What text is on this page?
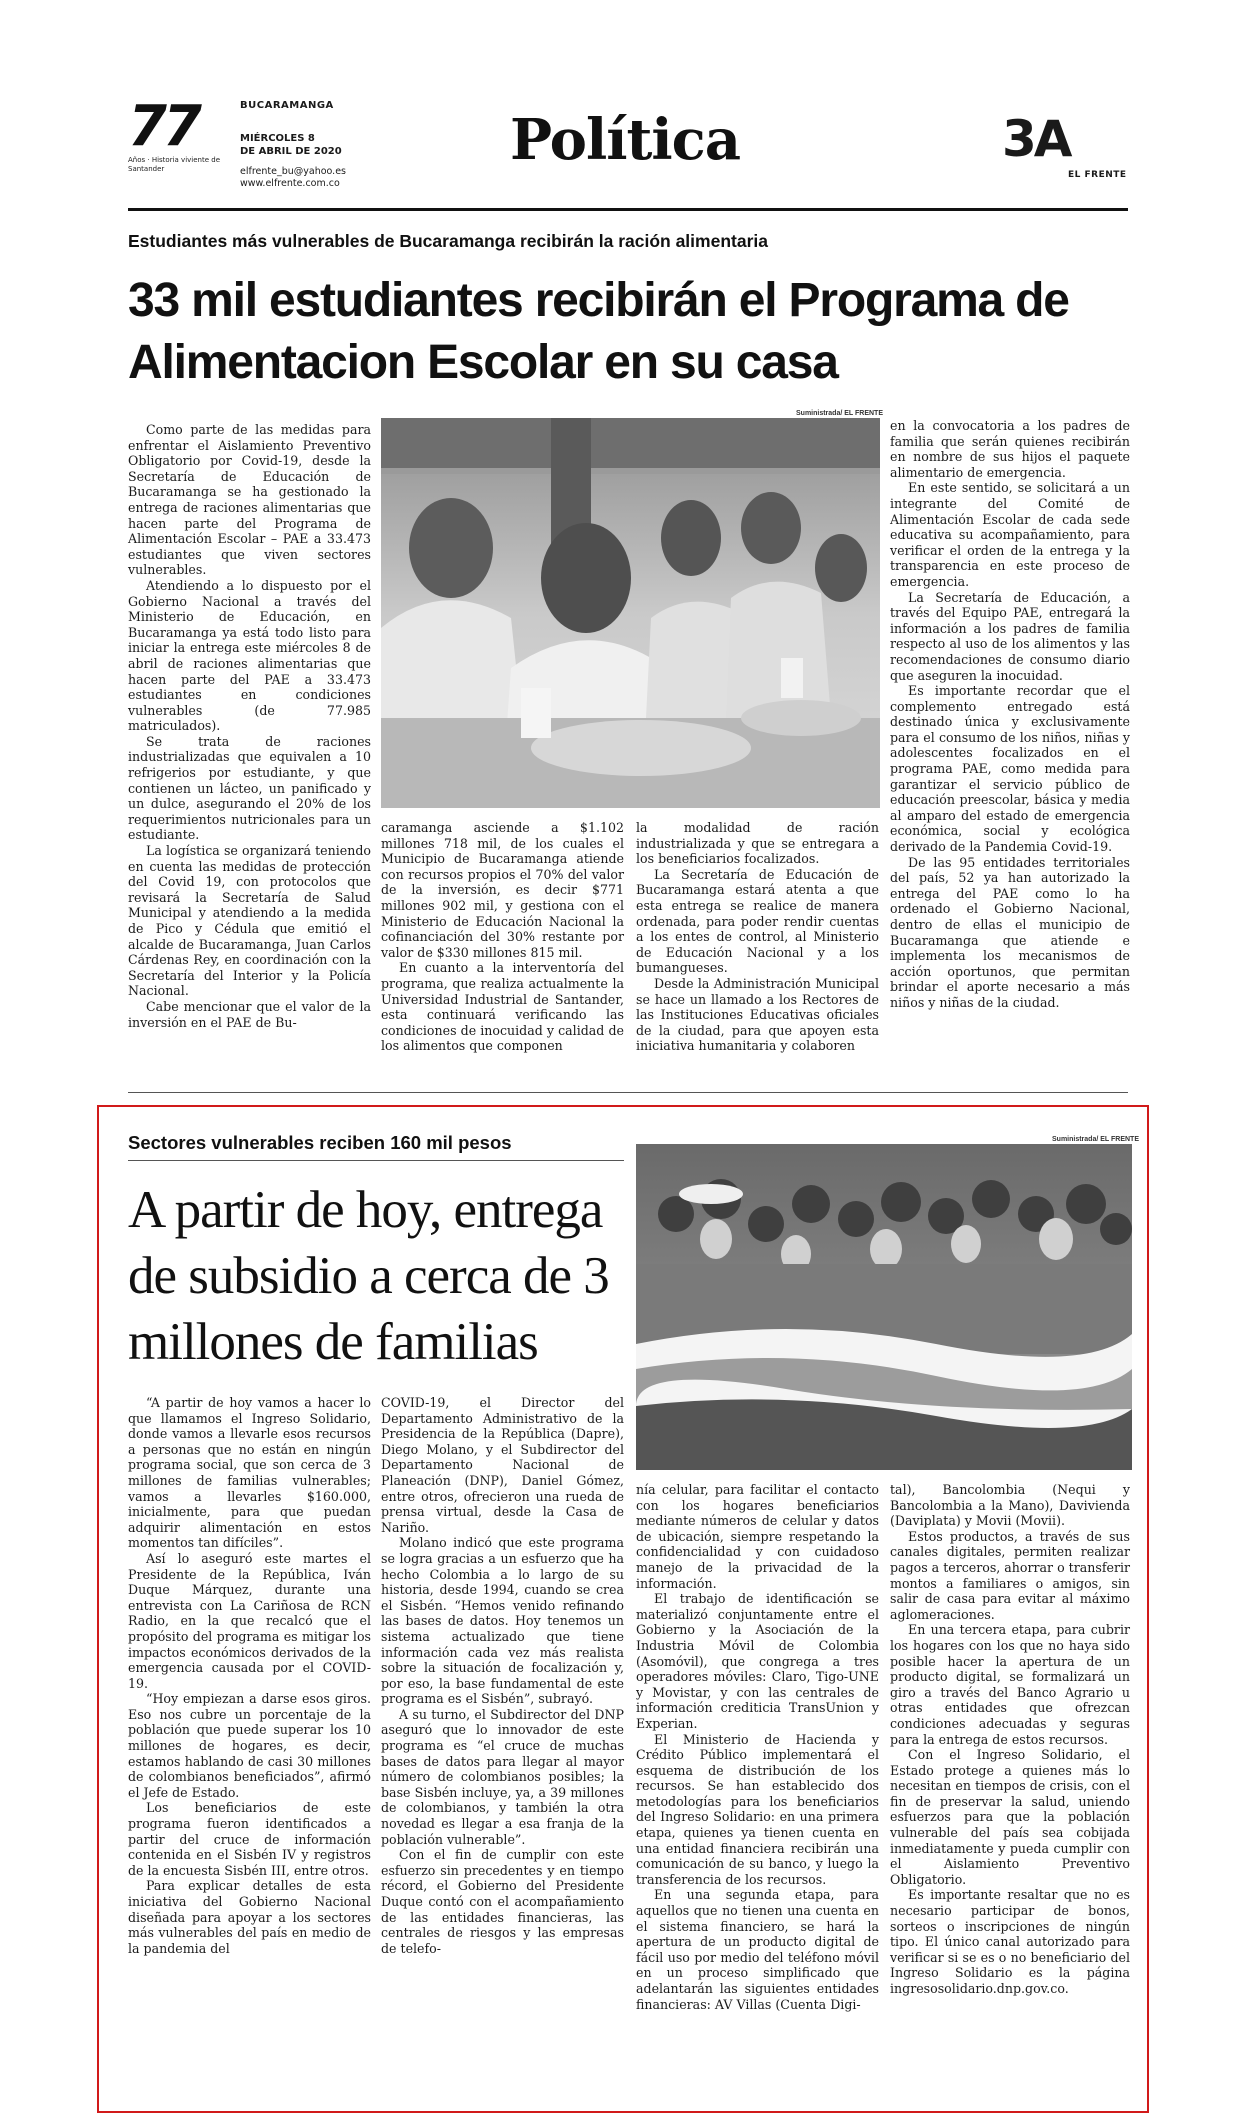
77
Años · Historia viviente de Santander
BUCARAMANGA
MIÉRCOLES 8
DE ABRIL DE 2020
elfrente_bu@yahoo.es
www.elfrente.com.co
Política	3A
EL FRENTE
Estudiantes más vulnerables de Bucaramanga recibirán la ración alimentaria
33 mil estudiantes recibirán el Programa de Alimentacion Escolar en su casa
Suministrada/ EL FRENTE

Como parte de las medidas para enfrentar el Aislamiento Preventivo Obligatorio por Covid-19, desde la Secretaría de Educación de Bucaramanga se ha gestionado la entrega de raciones alimentarias que hacen parte del Programa de Alimentación Escolar – PAE a 33.473 estudiantes que viven sectores vulnerables.

Atendiendo a lo dispuesto por el Gobierno Nacional a través del Ministerio de Educación, en Bucaramanga ya está todo listo para iniciar la entrega este miércoles 8 de abril de raciones alimentarias que hacen parte del PAE a 33.473 estudiantes en condiciones vulnerables (de 77.985 matriculados).

Se trata de raciones industrializadas que equivalen a 10 refrigerios por estudiante, y que contienen un lácteo, un panificado y un dulce, asegurando el 20% de los requerimientos nutricionales para un estudiante.

La logística se organizará teniendo en cuenta las medidas de protección del Covid 19, con protocolos que revisará la Secretaría de Salud Municipal y atendiendo a la medida de Pico y Cédula que emitió el alcalde de Bucaramanga, Juan Carlos Cárdenas Rey, en coordinación con la Secretaría del Interior y la Policía Nacional.

Cabe mencionar que el valor de la inversión en el PAE de Bu-

caramanga asciende a $1.102 millones 718 mil, de los cuales el Municipio de Bucaramanga atiende con recursos propios el 70% del valor de la inversión, es decir $771 millones 902 mil, y gestiona con el Ministerio de Educación Nacional la cofinanciación del 30% restante por valor de $330 millones 815 mil.

En cuanto a la interventoría del programa, que realiza actualmente la Universidad Industrial de Santander, esta continuará verificando las condiciones de inocuidad y calidad de los alimentos que componen

la modalidad de ración industrializada y que se entregara a los beneficiarios focalizados.

La Secretaría de Educación de Bucaramanga estará atenta a que esta entrega se realice de manera ordenada, para poder rendir cuentas a los entes de control, al Ministerio de Educación Nacional y a los bumangueses.

Desde la Administración Municipal se hace un llamado a los Rectores de las Instituciones Educativas oficiales de la ciudad, para que apoyen esta iniciativa humanitaria y colaboren

en la convocatoria a los padres de familia que serán quienes recibirán en nombre de sus hijos el paquete alimentario de emergencia.

En este sentido, se solicitará a un integrante del Comité de Alimentación Escolar de cada sede educativa su acompañamiento, para verificar el orden de la entrega y la transparencia en este proceso de emergencia.

La Secretaría de Educación, a través del Equipo PAE, entregará la información a los padres de familia respecto al uso de los alimentos y las recomendaciones de consumo diario que aseguren la inocuidad.

Es importante recordar que el complemento entregado está destinado única y exclusivamente para el consumo de los niños, niñas y adolescentes focalizados en el programa PAE, como medida para garantizar el servicio público de educación preescolar, básica y media al amparo del estado de emergencia económica, social y ecológica derivado de la Pandemia Covid-19.

De las 95 entidades territoriales del país, 52 ya han autorizado la entrega del PAE como lo ha ordenado el Gobierno Nacional, dentro de ellas el municipio de Bucaramanga que atiende e implementa los mecanismos de acción oportunos, que permitan brindar el aporte necesario a más niños y niñas de la ciudad.

Sectores vulnerables reciben 160 mil pesos
A partir de hoy, entrega de subsidio a cerca de 3 millones de familias
Suministrada/ EL FRENTE

“A partir de hoy vamos a hacer lo que llamamos el Ingreso Solidario, donde vamos a llevarle esos recursos a personas que no están en ningún programa social, que son cerca de 3 millones de familias vulnerables; vamos a llevarles $160.000, inicialmente, para que puedan adquirir alimentación en estos momentos tan difíciles”.

Así lo aseguró este martes el Presidente de la República, Iván Duque Márquez, durante una entrevista con La Cariñosa de RCN Radio, en la que recalcó que el propósito del programa es mitigar los impactos económicos derivados de la emergencia causada por el COVID-19.

“Hoy empiezan a darse esos giros. Eso nos cubre un porcentaje de la población que puede superar los 10 millones de hogares, es decir, estamos hablando de casi 30 millones de colombianos beneficiados”, afirmó el Jefe de Estado.

Los beneficiarios de este programa fueron identificados a partir del cruce de información contenida en el Sisbén IV y registros de la encuesta Sisbén III, entre otros.

Para explicar detalles de esta iniciativa del Gobierno Nacional diseñada para apoyar a los sectores más vulnerables del país en medio de la pandemia del

COVID-19, el Director del Departamento Administrativo de la Presidencia de la República (Dapre), Diego Molano, y el Subdirector del Departamento Nacional de Planeación (DNP), Daniel Gómez, entre otros, ofrecieron una rueda de prensa virtual, desde la Casa de Nariño.

Molano indicó que este programa se logra gracias a un esfuerzo que ha hecho Colombia a lo largo de su historia, desde 1994, cuando se crea el Sisbén. “Hemos venido refinando las bases de datos. Hoy tenemos un sistema actualizado que tiene información cada vez más realista sobre la situación de focalización y, por eso, la base fundamental de este programa es el Sisbén”, subrayó.

A su turno, el Subdirector del DNP aseguró que lo innovador de este programa es “el cruce de muchas bases de datos para llegar al mayor número de colombianos posibles; la base Sisbén incluye, ya, a 39 millones de colombianos, y también la otra novedad es llegar a esa franja de la población vulnerable”.

Con el fin de cumplir con este esfuerzo sin precedentes y en tiempo récord, el Gobierno del Presidente Duque contó con el acompañamiento de las entidades financieras, las centrales de riesgos y las empresas de telefo-

nía celular, para facilitar el contacto con los hogares beneficiarios mediante números de celular y datos de ubicación, siempre respetando la confidencialidad y con cuidadoso manejo de la privacidad de la información.

El trabajo de identificación se materializó conjuntamente entre el Gobierno y la Asociación de la Industria Móvil de Colombia (Asomóvil), que congrega a tres operadores móviles: Claro, Tigo-UNE y Movistar, y con las centrales de información crediticia TransUnion y Experian.

El Ministerio de Hacienda y Crédito Público implementará el esquema de distribución de los recursos. Se han establecido dos metodologías para los beneficiarios del Ingreso Solidario: en una primera etapa, quienes ya tienen cuenta en una entidad financiera recibirán una comunicación de su banco, y luego la transferencia de los recursos.

En una segunda etapa, para aquellos que no tienen una cuenta en el sistema financiero, se hará la apertura de un producto digital de fácil uso por medio del teléfono móvil en un proceso simplificado que adelantarán las siguientes entidades financieras: AV Villas (Cuenta Digi-

tal), Bancolombia (Nequi y Bancolombia a la Mano), Daviviendа (Daviplata) y Movii (Movii).

Estos productos, a través de sus canales digitales, permiten realizar pagos a terceros, ahorrar o transferir montos a familiares o amigos, sin salir de casa para evitar al máximo aglomeraciones.

En una tercera etapa, para cubrir los hogares con los que no haya sido posible hacer la apertura de un producto digital, se formalizará un giro a través del Banco Agrario u otras entidades que ofrezcan condiciones adecuadas y seguras para la entrega de estos recursos.

Con el Ingreso Solidario, el Estado protege a quienes más lo necesitan en tiempos de crisis, con el fin de preservar la salud, uniendo esfuerzos para que la población vulnerable del país sea cobijada inmediatamente y pueda cumplir con el Aislamiento Preventivo Obligatorio.

Es importante resaltar que no es necesario participar de bonos, sorteos o inscripciones de ningún tipo. El único canal autorizado para verificar si se es o no beneficiario del Ingreso Solidario es la página ingresosolidario.dnp.gov.co.
